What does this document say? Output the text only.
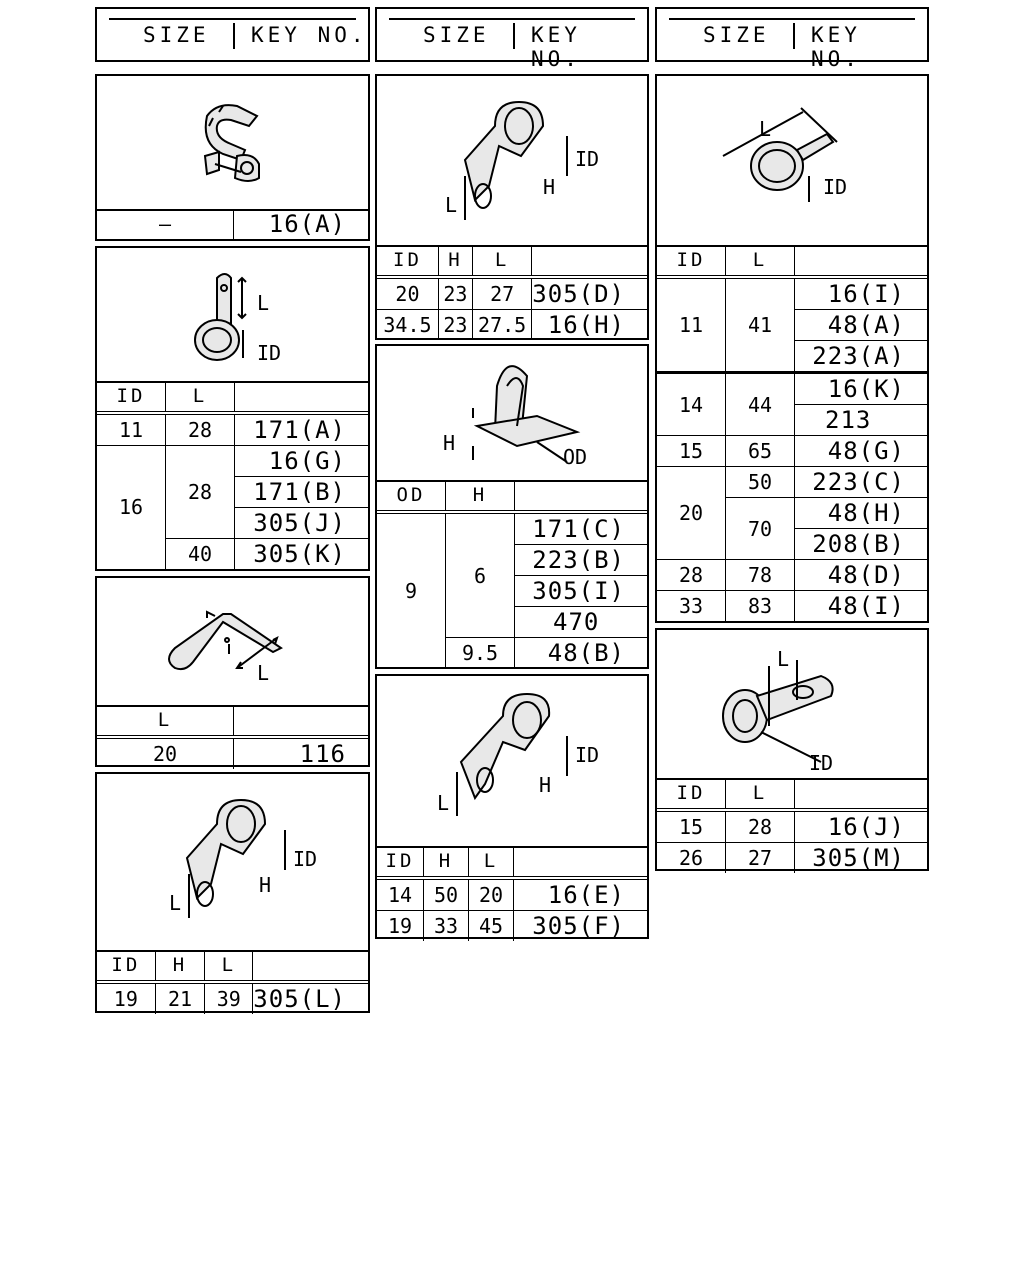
SIZE KEY NO.	SIZE KEY NO.
SIZE KEY NO.
—	16(A)
L
ID
ID	L	
11	28	171(A)
16	28	16(G)
		171(B)
		305(J)
	40	305(K)
L
L	
20	116
ID
H
L
ID	H	L	
19	21	39	305(L)
ID
H
L
ID	H	L	
20	23	27	305(D)
34.5	23	27.5	16(H)
H
OD
OD	H	
9	6	171(C)
		223(B)
		305(I)
		470
	9.5	48(B)
ID
H
L
ID	H	L	
14	50	20	16(E)
19	33	45	305(F)
L
ID
ID	L	
11	41	16(I)
		48(A)
		223(A)
14	44	16(K)
		213
15	65	48(G)
20	50	223(C)
	70	48(H)
		208(B)
28	78	48(D)
33	83	48(I)
L
ID
ID	L	
15	28	16(J)
26	27	305(M)
